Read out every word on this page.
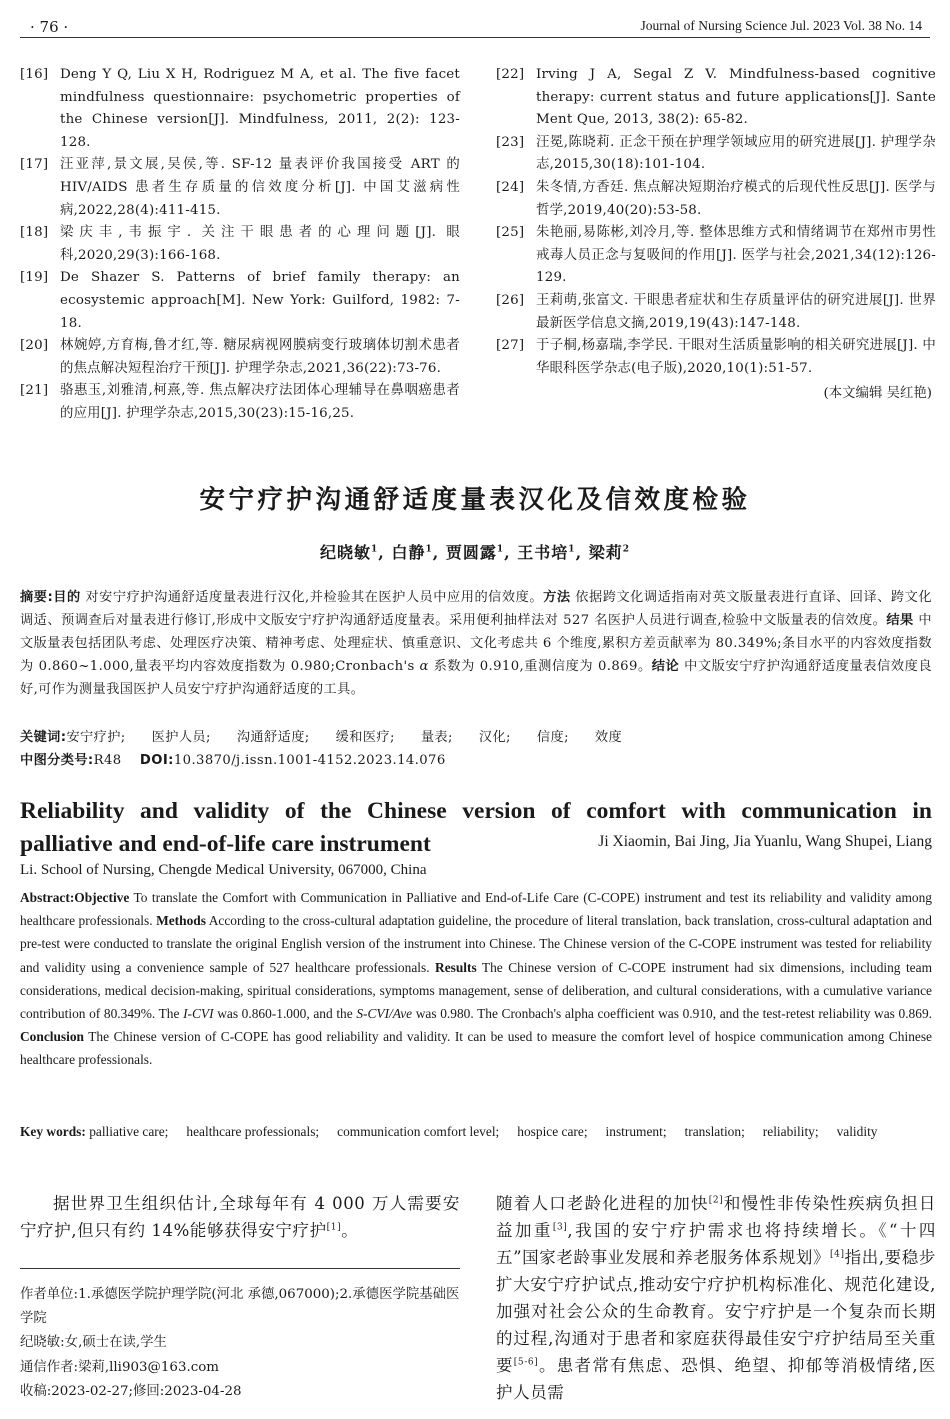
· 76 ·	Journal of Nursing Science Jul. 2023 Vol. 38 No. 14
[16] Deng Y Q, Liu X H, Rodriguez M A, et al. The five facet mindfulness questionnaire: psychometric properties of the Chinese version[J]. Mindfulness, 2011, 2(2): 123-128.
[17] 汪亚萍,景文展,吴侯,等. SF-12 量表评价我国接受 ART 的 HIV/AIDS 患者生存质量的信效度分析[J]. 中国艾滋病性病,2022,28(4):411-415.
[18] 梁庆丰,韦振宇. 关注干眼患者的心理问题[J]. 眼科,2020,29(3):166-168.
[19] De Shazer S. Patterns of brief family therapy: an ecosystemic approach[M]. New York: Guilford, 1982: 7-18.
[20] 林婉婷,方育梅,鲁才红,等. 糖尿病视网膜病变行玻璃体切割术患者的焦点解决短程治疗干预[J]. 护理学杂志,2021,36(22):73-76.
[21] 骆惠玉,刘雅清,柯熹,等. 焦点解决疗法团体心理辅导在鼻咽癌患者的应用[J]. 护理学杂志,2015,30(23):15-16,25.
[22] Irving J A, Segal Z V. Mindfulness-based cognitive therapy: current status and future applications[J]. Sante Ment Que, 2013, 38(2): 65-82.
[23] 汪冕,陈晓莉. 正念干预在护理学领域应用的研究进展[J]. 护理学杂志,2015,30(18):101-104.
[24] 朱冬情,方香廷. 焦点解决短期治疗模式的后现代性反思[J]. 医学与哲学,2019,40(20):53-58.
[25] 朱艳丽,易陈彬,刘冷月,等. 整体思维方式和情绪调节在郑州市男性戒毒人员正念与复吸间的作用[J]. 医学与社会,2021,34(12):126-129.
[26] 王莉萌,张富文. 干眼患者症状和生存质量评估的研究进展[J]. 世界最新医学信息文摘,2019,19(43):147-148.
[27] 于子桐,杨嘉瑞,李学民. 干眼对生活质量影响的相关研究进展[J]. 中华眼科医学杂志(电子版),2020,10(1):51-57.
(本文编辑 吴红艳)
安宁疗护沟通舒适度量表汉化及信效度检验
纪晓敏$^1$, 白静$^1$, 贾圆露$^1$, 王书培$^1$, 梁莉$^2$
摘要:目的 对安宁疗护沟通舒适度量表进行汉化,并检验其在医护人员中应用的信效度。方法 依据跨文化调适指南对英文版量表进行直译、回译、跨文化调适、预调查后对量表进行修订,形成中文版安宁疗护沟通舒适度量表。采用便利抽样法对 527 名医护人员进行调查,检验中文版量表的信效度。结果 中文版量表包括团队考虑、处理医疗决策、精神考虑、处理症状、慎重意识、文化考虑共 6 个维度,累积方差贡献率为 80.349%;条目水平的内容效度指数为 0.860~1.000,量表平均内容效度指数为 0.980;Cronbach's α 系数为 0.910,重测信度为 0.869。结论 中文版安宁疗护沟通舒适度量表信效度良好,可作为测量我国医护人员安宁疗护沟通舒适度的工具。
关键词:安宁疗护; 医护人员; 沟通舒适度; 缓和医疗; 量表; 汉化; 信度; 效度
中图分类号:R48 DOI:10.3870/j.issn.1001-4152.2023.14.076
Reliability and validity of the Chinese version of comfort with communication in
palliative and end-of-life care instrument	Ji Xiaomin, Bai Jing, Jia Yuanlu, Wang Shupei, Liang
Li. School of Nursing, Chengde Medical University, 067000, China
Abstract:Objective To translate the Comfort with Communication in Palliative and End-of-Life Care (C-COPE) instrument and test its reliability and validity among healthcare professionals. Methods According to the cross-cultural adaptation guideline, the procedure of literal translation, back translation, cross-cultural adaptation and pre-test were conducted to translate the original English version of the instrument into Chinese. The Chinese version of the C-COPE instrument was tested for reliability and validity using a convenience sample of 527 healthcare professionals. Results The Chinese version of C-COPE instrument had six dimensions, including team considerations, medical decision-making, spiritual considerations, symptoms management, sense of deliberation, and cultural considerations, with a cumulative variance contribution of 80.349%. The I-CVI was 0.860-1.000, and the S-CVI/Ave was 0.980. The Cronbach's alpha coefficient was 0.910, and the test-retest reliability was 0.869. Conclusion The Chinese version of C-COPE has good reliability and validity. It can be used to measure the comfort level of hospice communication among Chinese healthcare professionals.
Key words: palliative care; healthcare professionals; communication comfort level; hospice care; instrument; translation; reliability; validity
据世界卫生组织估计,全球每年有 4 000 万人需要安宁疗护,但只有约 14%能够获得安宁疗护[1]。
随着人口老龄化进程的加快[2]和慢性非传染性疾病负担日益加重[3],我国的安宁疗护需求也将持续增长。《“十四五”国家老龄事业发展和养老服务体系规划》[4]指出,要稳步扩大安宁疗护试点,推动安宁疗护机构标准化、规范化建设,加强对社会公众的生命教育。安宁疗护是一个复杂而长期的过程,沟通对于患者和家庭获得最佳安宁疗护结局至关重要[5-6]。患者常有焦虑、恐惧、绝望、抑郁等消极情绪,医护人员需
作者单位:1.承德医学院护理学院(河北 承德,067000);2.承德医学院基础医学院
纪晓敏:女,硕士在读,学生
通信作者:梁莉,lli903@163.com
收稿:2023-02-27;修回:2023-04-28
